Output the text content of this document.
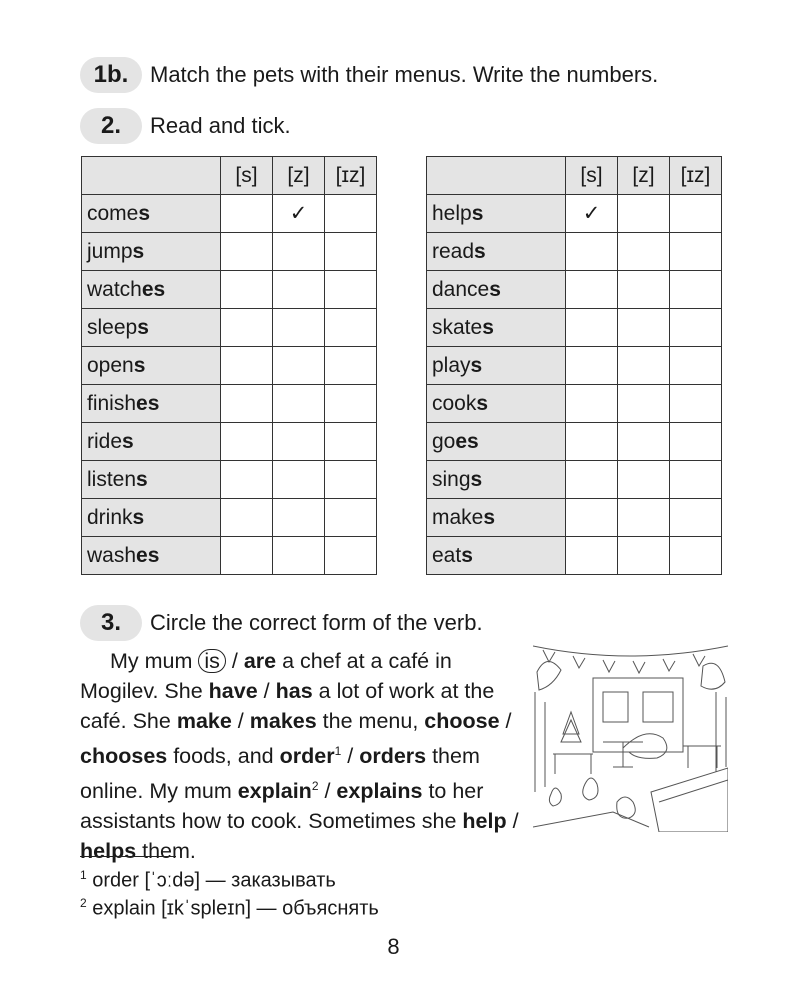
1b. Match the pets with their menus. Write the numbers.
2.	Read and tick.
	[s]	[z]	[ɪz]
comes		✓	
jumps			
watches			
sleeps			
opens			
finishes			
rides			
listens			
drinks			
washes			
	[s]	[z]	[ɪz]
helps	✓		
reads			
dances			
skates			
plays			
cooks			
goes			
sings			
makes			
eats			
3.	Circle the correct form of the verb.
My mum is / are a chef at a café in Mogilev. She have / has a lot of work at the café. She make / makes the menu, choose / chooses foods, and order$^1$ / orders them online. My mum explain$^2$ / explains to her assistants how to cook. Sometimes she help / helps them.
$^1$ order [ˈɔːdə] — заказывать
$^2$ explain [ɪkˈspleɪn] — объяснять
8
